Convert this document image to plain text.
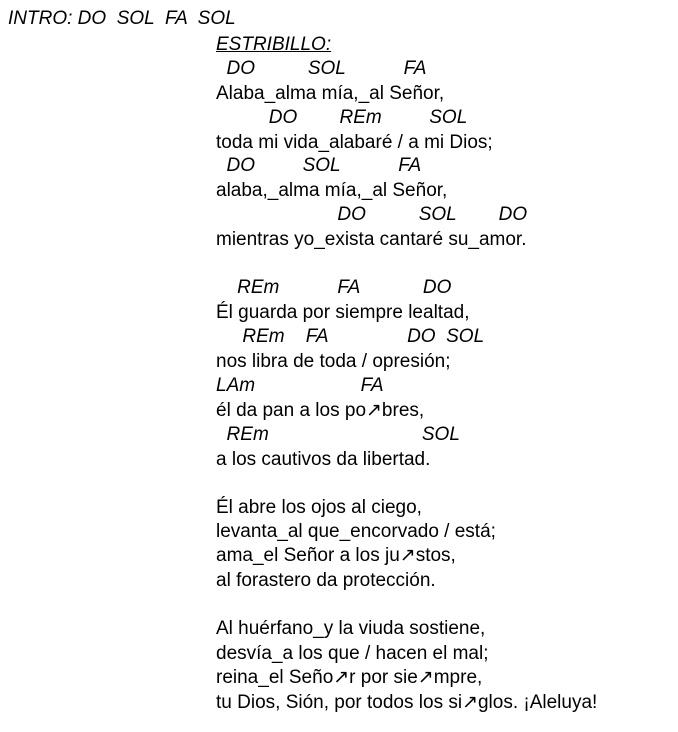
INTRO: DO  SOL  FA  SOL
ESTRIBILLO:
DO          SOL           FA
Alaba_alma mía,_al Señor,
DO        REm         SOL
toda mi vida_alabaré / a mi Dios;
DO         SOL           FA
alaba,_alma mía,_al Señor,
DO          SOL        DO
mientras yo_exista cantaré su_amor.
REm           FA            DO
Él guarda por siempre lealtad,
REm    FA               DO  SOL
nos libra de toda / opresión;
LAm                    FA
él da pan a los po↗bres,
REm                             SOL
a los cautivos da libertad.
Él abre los ojos al ciego,
levanta_al que_encorvado / está;
ama_el Señor a los ju↗stos,
al forastero da protección.
Al huérfano_y la viuda sostiene,
desvía_a los que / hacen el mal;
reina_el Seño↗r por sie↗mpre,
tu Dios, Sión, por todos los si↗glos. ¡Aleluya!
